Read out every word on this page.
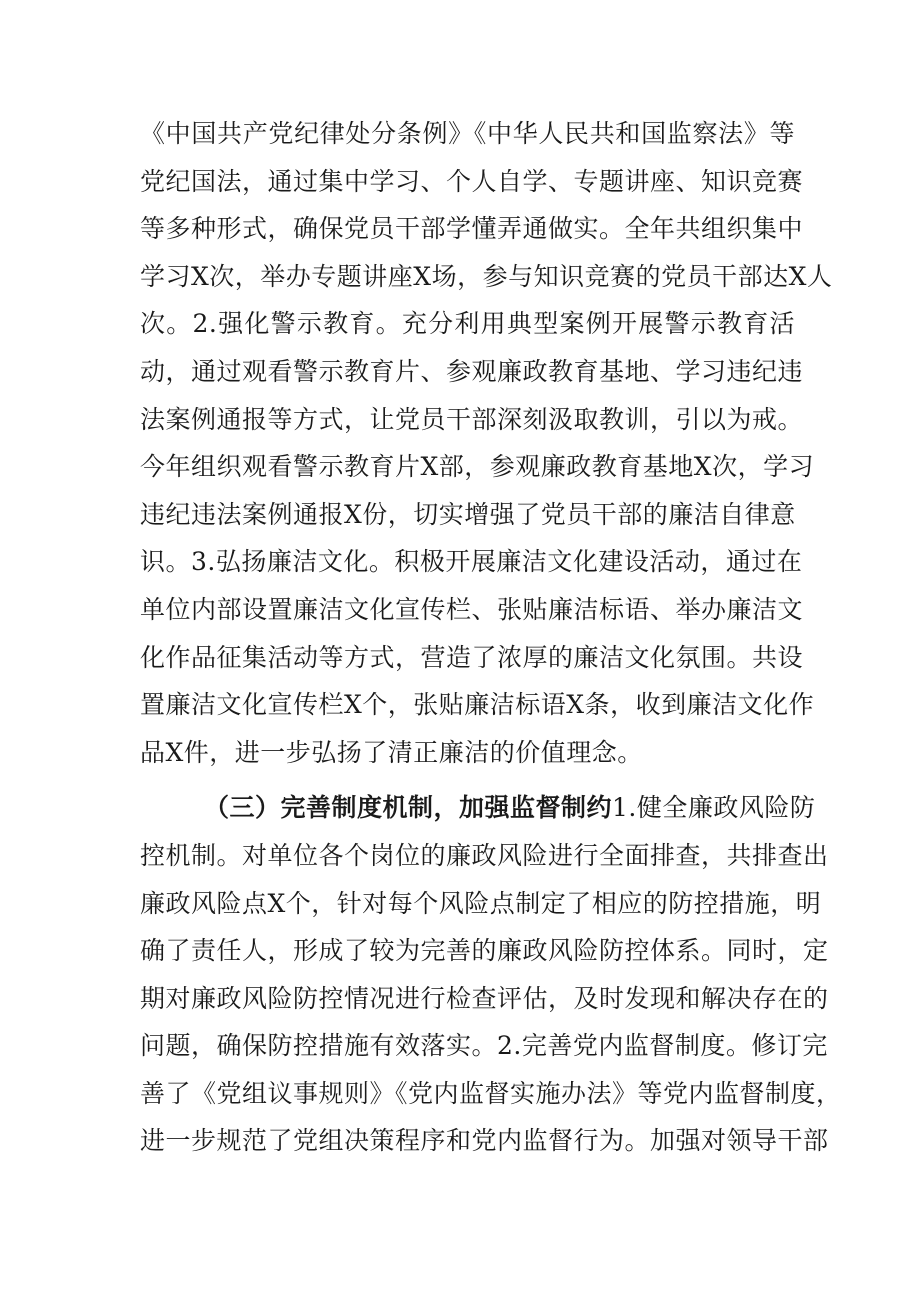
《中国共产党纪律处分条例》《中华人民共和国监察法》等
党纪国法，通过集中学习、个人自学、专题讲座、知识竞赛
等多种形式，确保党员干部学懂弄通做实。全年共组织集中
学习X次，举办专题讲座X场，参与知识竞赛的党员干部达X人
次。2.强化警示教育。充分利用典型案例开展警示教育活
动，通过观看警示教育片、参观廉政教育基地、学习违纪违
法案例通报等方式，让党员干部深刻汲取教训，引以为戒。
今年组织观看警示教育片X部，参观廉政教育基地X次，学习
违纪违法案例通报X份，切实增强了党员干部的廉洁自律意
识。3.弘扬廉洁文化。积极开展廉洁文化建设活动，通过在
单位内部设置廉洁文化宣传栏、张贴廉洁标语、举办廉洁文
化作品征集活动等方式，营造了浓厚的廉洁文化氛围。共设
置廉洁文化宣传栏X个，张贴廉洁标语X条，收到廉洁文化作
品X件，进一步弘扬了清正廉洁的价值理念。
（三）完善制度机制，加强监督制约1.健全廉政风险防
控机制。对单位各个岗位的廉政风险进行全面排查，共排查出
廉政风险点X个，针对每个风险点制定了相应的防控措施，明
确了责任人，形成了较为完善的廉政风险防控体系。同时，定
期对廉政风险防控情况进行检查评估，及时发现和解决存在的
问题，确保防控措施有效落实。2.完善党内监督制度。修订完
善了《党组议事规则》《党内监督实施办法》等党内监督制度，
进一步规范了党组决策程序和党内监督行为。加强对领导干部
